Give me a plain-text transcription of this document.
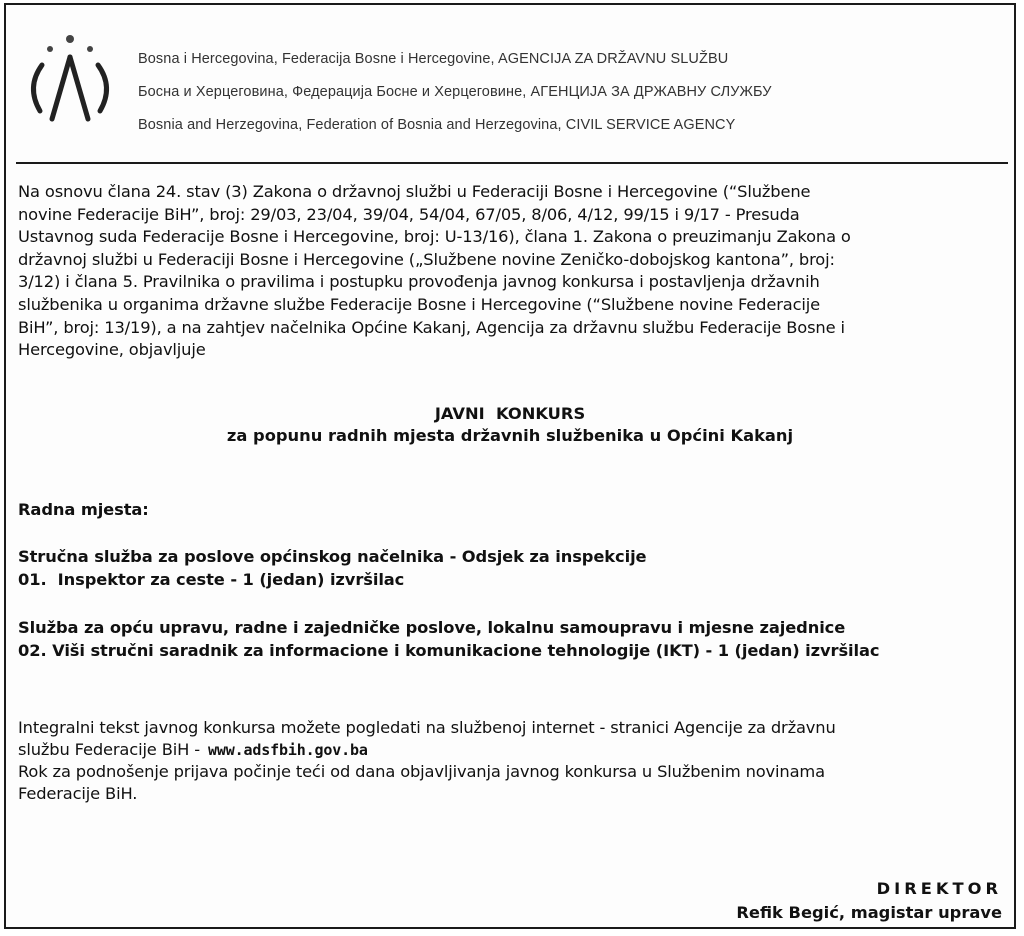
Bosna i Hercegovina, Federacija Bosne i Hercegovine, AGENCIJA ZA DRŽAVNU SLUŽBU
Босна и Херцеговина, Федерација Босне и Херцеговине, АГЕНЦИЈА ЗА ДРЖАВНУ СЛУЖБУ
Bosnia and Herzegovina, Federation of Bosnia and Herzegovina, CIVIL SERVICE AGENCY
Na osnovu člana 24. stav (3) Zakona o državnoj službi u Federaciji Bosne i Hercegovine (“Službene
novine Federacije BiH”, broj: 29/03, 23/04, 39/04, 54/04, 67/05, 8/06, 4/12, 99/15 i 9/17 - Presuda
Ustavnog suda Federacije Bosne i Hercegovine, broj: U-13/16), člana 1. Zakona o preuzimanju Zakona o
državnoj službi u Federaciji Bosne i Hercegovine („Službene novine Zeničko-dobojskog kantona”, broj:
3/12) i člana 5. Pravilnika o pravilima i postupku provođenja javnog konkursa i postavljenja državnih
službenika u organima državne službe Federacije Bosne i Hercegovine (“Službene novine Federacije
BiH”, broj: 13/19), a na zahtjev načelnika Općine Kakanj, Agencija za državnu službu Federacije Bosne i
Hercegovine, objavljuje
JAVNI  KONKURS
za popunu radnih mjesta državnih službenika u Općini Kakanj
Radna mjesta:
Stručna služba za poslove općinskog načelnika - Odsjek za inspekcije
01.  Inspektor za ceste - 1 (jedan) izvršilac
Služba za opću upravu, radne i zajedničke poslove, lokalnu samoupravu i mjesne zajednice
02. Viši stručni saradnik za informacione i komunikacione tehnologije (IKT) - 1 (jedan) izvršilac
Integralni tekst javnog konkursa možete pogledati na službenoj internet - stranici Agencije za državnu
službu Federacije BiH - www.adsfbih.gov.ba
Rok za podnošenje prijava počinje teći od dana objavljivanja javnog konkursa u Službenim novinama
Federacije BiH.
DIREKTOR
Refik Begić, magistar uprave
